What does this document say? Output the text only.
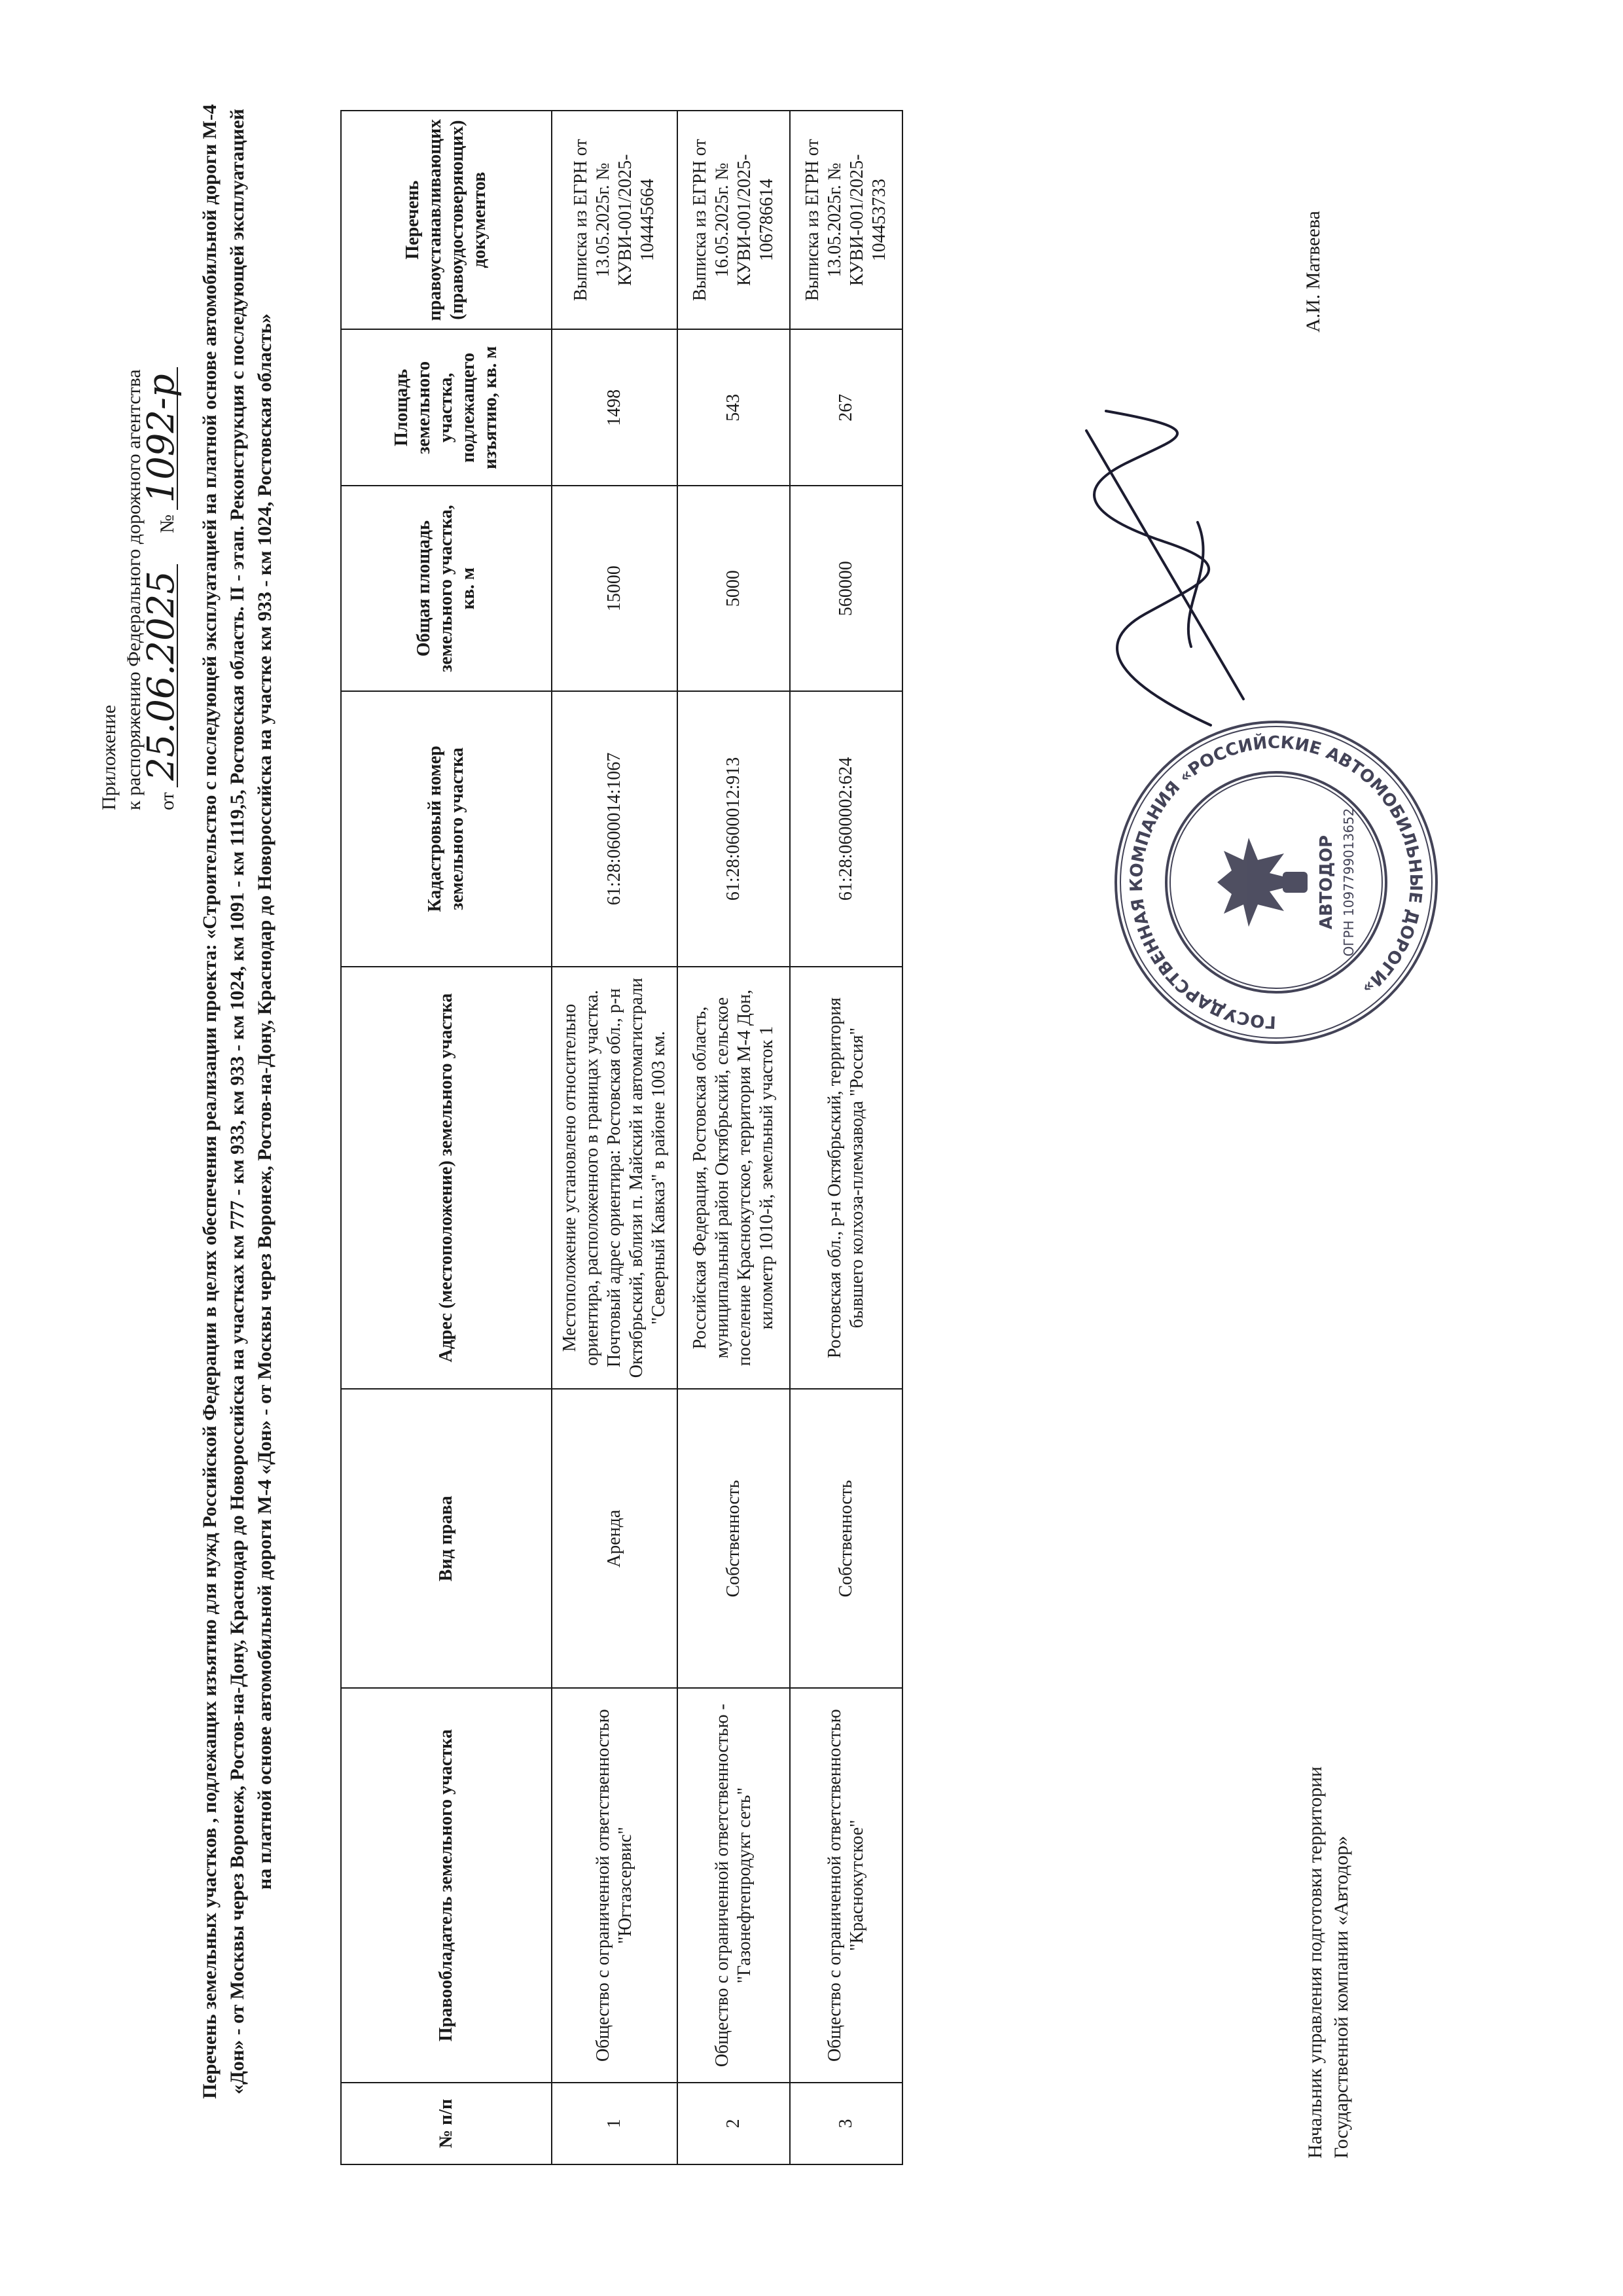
Приложение к распоряжению Федерального дорожного агентства от 25.06.2025 № 1092-р Перечень земельных участков , подлежащих изъятию для нужд Российской Федерации в целях обеспечения реализации проекта: «Строительство с последующей эксплуатацией на платной основе автомобильной дороги М-4 «Дон» - от Москвы через Воронеж, Ростов-на-Дону, Краснодар до Новороссийска на участках км 777 - км 933, км 933 - км 1024, км 1091 - км 1119,5, Ростовская область. II - этап. Реконструкция с последующей эксплуатацией на платной основе автомобильной дороги М-4 «Дон» - от Москвы через Воронеж, Ростов-на-Дону, Краснодар до Новороссийска на участке км 933 - км 1024, Ростовская область»
№ п/п	Правообладатель земельного участка	Вид права	Адрес (местоположение) земельного участка	Кадастровый номер земельного участка	Общая площадь земельного участка, кв. м	Площадь земельного участка, подлежащего изъятию, кв. м	Перечень правоустанавливающих (правоудостоверяющих) документов
1	Общество с ограниченной ответственностью "Югтазсервис"	Аренда	Местоположение установлено относительно ориентира, расположенного в границах участка. Почтовый адрес ориентира: Ростовская обл., р-н Октябрьский, вблизи п. Майский и автомагистрали "Северный Кавказ" в районе 1003 км.	61:28:0600014:1067	15000	1498	Выписка из ЕГРН от 13.05.2025г. № КУВИ-001/2025-104445664
2	Общество с ограниченной ответственностью - "Газонефтепродукт сеть"	Собственность	Российская Федерация, Ростовская область, муниципальный район Октябрьский, сельское поселение Краснокутское, территория М-4 Дон, километр 1010-й, земельный участок 1	61:28:0600012:913	5000	543	Выписка из ЕГРН от 16.05.2025г. № КУВИ-001/2025-106786614
3	Общество с ограниченной ответственностью "Краснокутское"	Собственность	Ростовская обл., р-н Октябрьский, территория бывшего колхоза-племзавода "Россия"	61:28:0600002:624	560000	267	Выписка из ЕГРН от 13.05.2025г. № КУВИ-001/2025-104453733
Начальник управления подготовки территории Государственной компании «Автодор»
ГОСУДАРСТВЕННАЯ КОМПАНИЯ «РОССИЙСКИЕ АВТОМОБИЛЬНЫЕ ДОРОГИ»
АВТОДОР ОГРН 1097799013652
А.И. Матвеева
